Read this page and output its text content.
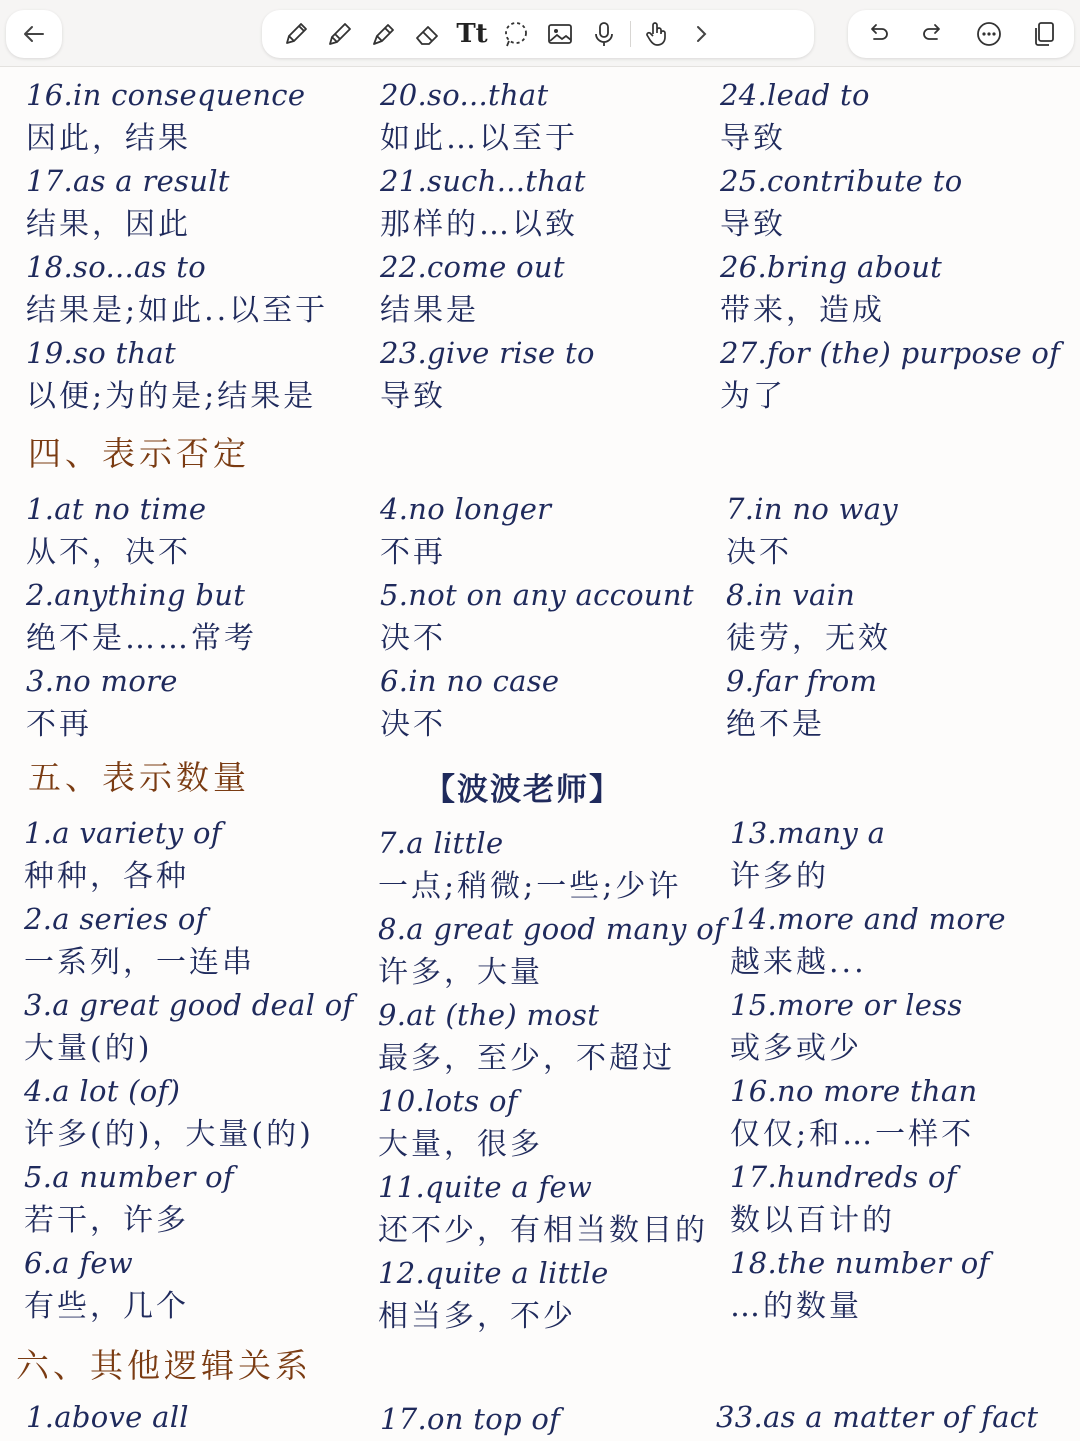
Tt
16.in consequence
因此，结果
17.as a result
结果，因此
18.so...as to
结果是;如此..以至于
19.so that
以便;为的是;结果是
20.so...that
如此…以至于
21.such...that
那样的…以致
22.come out
结果是
23.give rise to
导致
24.lead to
导致
25.contribute to
导致
26.bring about
带来，造成
27.for (the) purpose of
为了
四、表示否定
1.at no time
从不，决不
2.anything but
绝不是……常考
3.no more
不再
4.no longer
不再
5.not on any account
决不
6.in no case
决不
7.in no way
决不
8.in vain
徒劳，无效
9.far from
绝不是
五、表示数量	【波波老师】
1.a variety of
种种，各种
2.a series of
一系列，一连串
3.a great good deal of
大量(的)
4.a lot (of)
许多(的)，大量(的)
5.a number of
若干，许多
6.a few
有些，几个
7.a little
一点;稍微;一些;少许
8.a great good many of
许多，大量
9.at (the) most
最多，至少，不超过
10.lots of
大量，很多
11.quite a few
还不少，有相当数目的
12.quite a little
相当多，不少
13.many a
许多的
14.more and more
越来越...
15.more or less
或多或少
16.no more than
仅仅;和…一样不
17.hundreds of
数以百计的
18.the number of
…的数量
六、其他逻辑关系
1.above all	17.on top of	33.as a matter of fact
